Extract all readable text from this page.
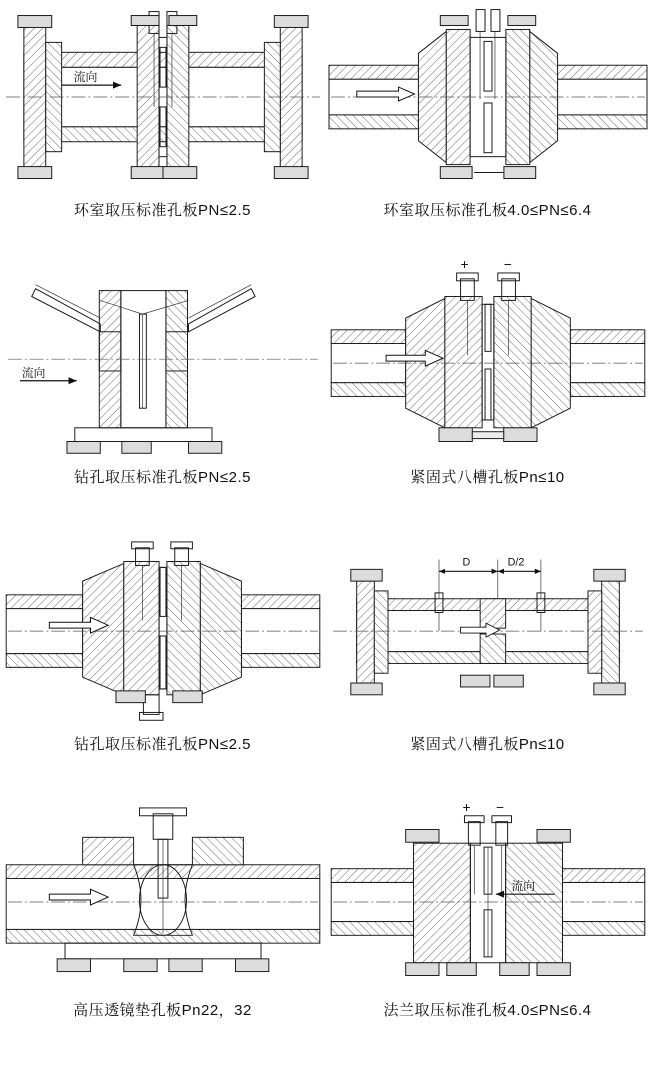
流向
环室取压标准孔板PN≤2.5	环室取压标准孔板4.0≤PN≤6.4
流向
钻孔取压标准孔板PN≤2.5
+	−
紧固式八槽孔板Pn≤10
钻孔取压标准孔板PN≤2.5
D	D/2
紧固式八槽孔板Pn≤10
高压透镜垫孔板Pn22，32
+ −
流向
法兰取压标准孔板4.0≤PN≤6.4
